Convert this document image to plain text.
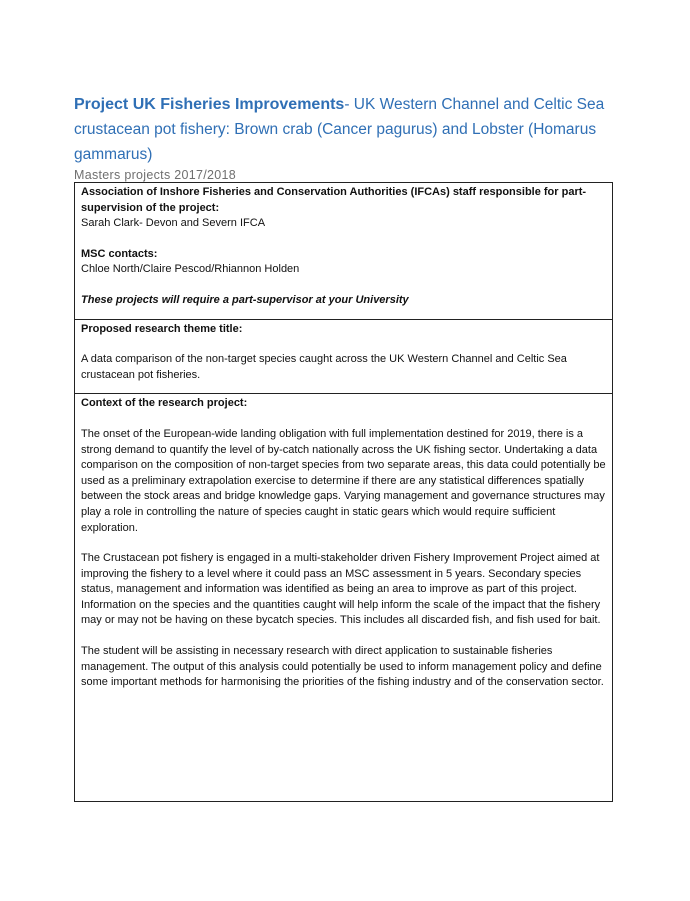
Project UK Fisheries Improvements- UK Western Channel and Celtic Sea crustacean pot fishery: Brown crab (Cancer pagurus) and Lobster (Homarus gammarus)

Masters projects 2017/2018

Association of Inshore Fisheries and Conservation Authorities (IFCAs) staff responsible for part-supervision of the project:

Sarah Clark- Devon and Severn IFCA

MSC contacts:

Chloe North/Claire Pescod/Rhiannon Holden

These projects will require a part-supervisor at your University

Proposed research theme title:

A data comparison of the non-target species caught across the UK Western Channel and Celtic Sea crustacean pot fisheries.

Context of the research project:

The onset of the European-wide landing obligation with full implementation destined for 2019, there is a strong demand to quantify the level of by-catch nationally across the UK fishing sector. Undertaking a data comparison on the composition of non-target species from two separate areas, this data could potentially be used as a preliminary extrapolation exercise to determine if there are any statistical differences spatially between the stock areas and bridge knowledge gaps. Varying management and governance structures may play a role in controlling the nature of species caught in static gears which would require sufficient exploration.

The Crustacean pot fishery is engaged in a multi-stakeholder driven Fishery Improvement Project aimed at improving the fishery to a level where it could pass an MSC assessment in 5 years. Secondary species status, management and information was identified as being an area to improve as part of this project. Information on the species and the quantities caught will help inform the scale of the impact that the fishery may or may not be having on these bycatch species. This includes all discarded fish, and fish used for bait.

The student will be assisting in necessary research with direct application to sustainable fisheries management. The output of this analysis could potentially be used to inform management policy and define some important methods for harmonising the priorities of the fishing industry and of the conservation sector.
